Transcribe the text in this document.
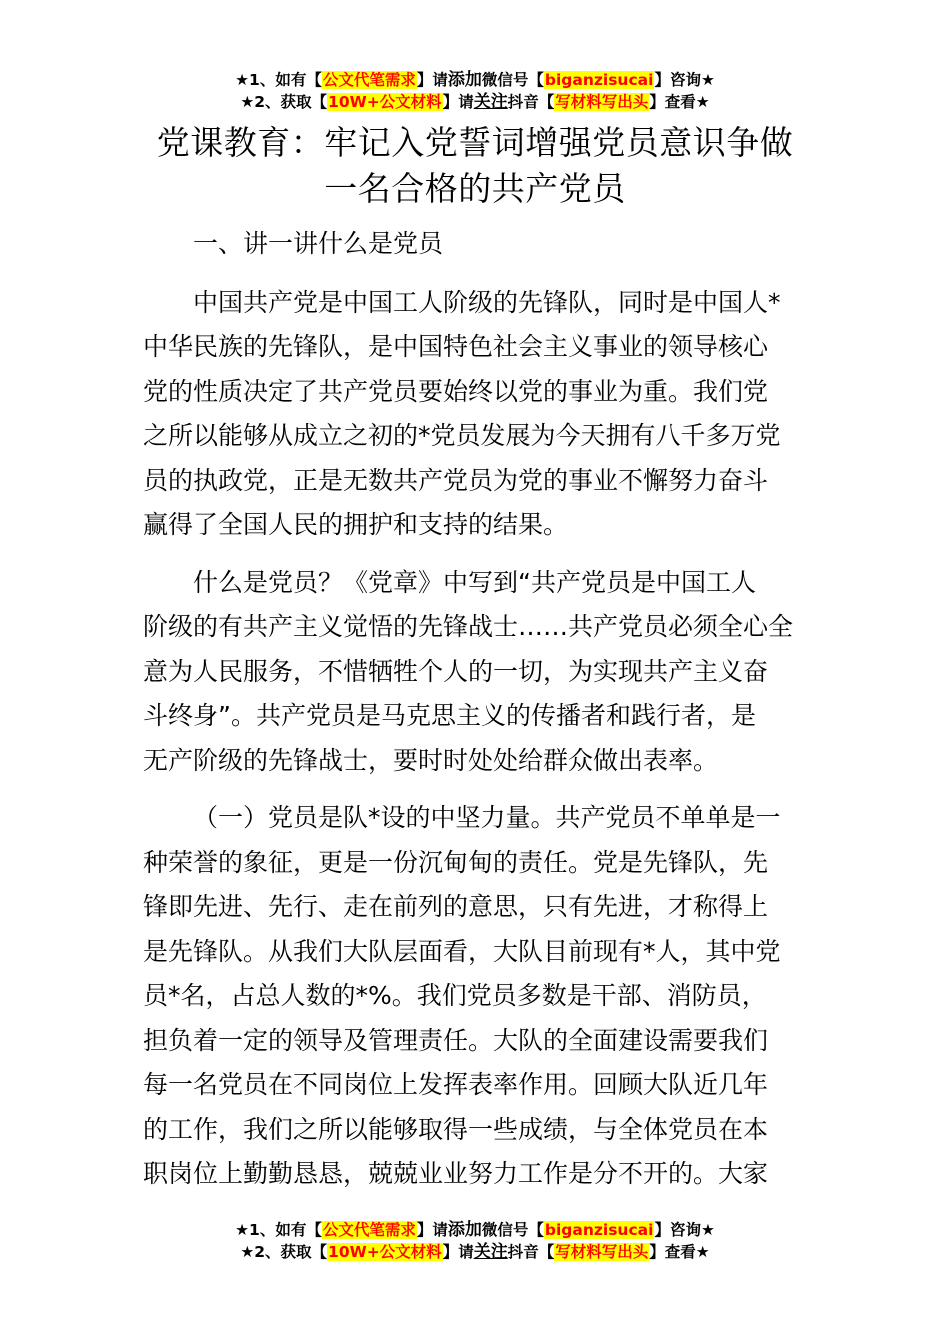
★1、如有【公文代笔需求】请添加微信号【biganzisucai】咨询★
★2、获取【10W+公文材料】请关注抖音【写材料写出头】查看★
党课教育：牢记入党誓词增强党员意识争做
一名合格的共产党员

一、讲一讲什么是党员

中国共产党是中国工人阶级的先锋队，同时是中国人*
中华民族的先锋队，是中国特色社会主义事业的领导核心
党的性质决定了共产党员要始终以党的事业为重。我们党
之所以能够从成立之初的*党员发展为今天拥有八千多万党
员的执政党，正是无数共产党员为党的事业不懈努力奋斗
赢得了全国人民的拥护和支持的结果。

什么是党员？《党章》中写到“共产党员是中国工人
阶级的有共产主义觉悟的先锋战士……共产党员必须全心全
意为人民服务，不惜牺牲个人的一切，为实现共产主义奋
斗终身”。共产党员是马克思主义的传播者和践行者，是
无产阶级的先锋战士，要时时处处给群众做出表率。

（一）党员是队*设的中坚力量。共产党员不单单是一
种荣誉的象征，更是一份沉甸甸的责任。党是先锋队，先
锋即先进、先行、走在前列的意思，只有先进，才称得上
是先锋队。从我们大队层面看，大队目前现有*人，其中党
员*名，占总人数的*%。我们党员多数是干部、消防员，
担负着一定的领导及管理责任。大队的全面建设需要我们
每一名党员在不同岗位上发挥表率作用。回顾大队近几年
的工作，我们之所以能够取得一些成绩，与全体党员在本
职岗位上勤勤恳恳，兢兢业业努力工作是分不开的。大家

★1、如有【公文代笔需求】请添加微信号【biganzisucai】咨询★
★2、获取【10W+公文材料】请关注抖音【写材料写出头】查看★
